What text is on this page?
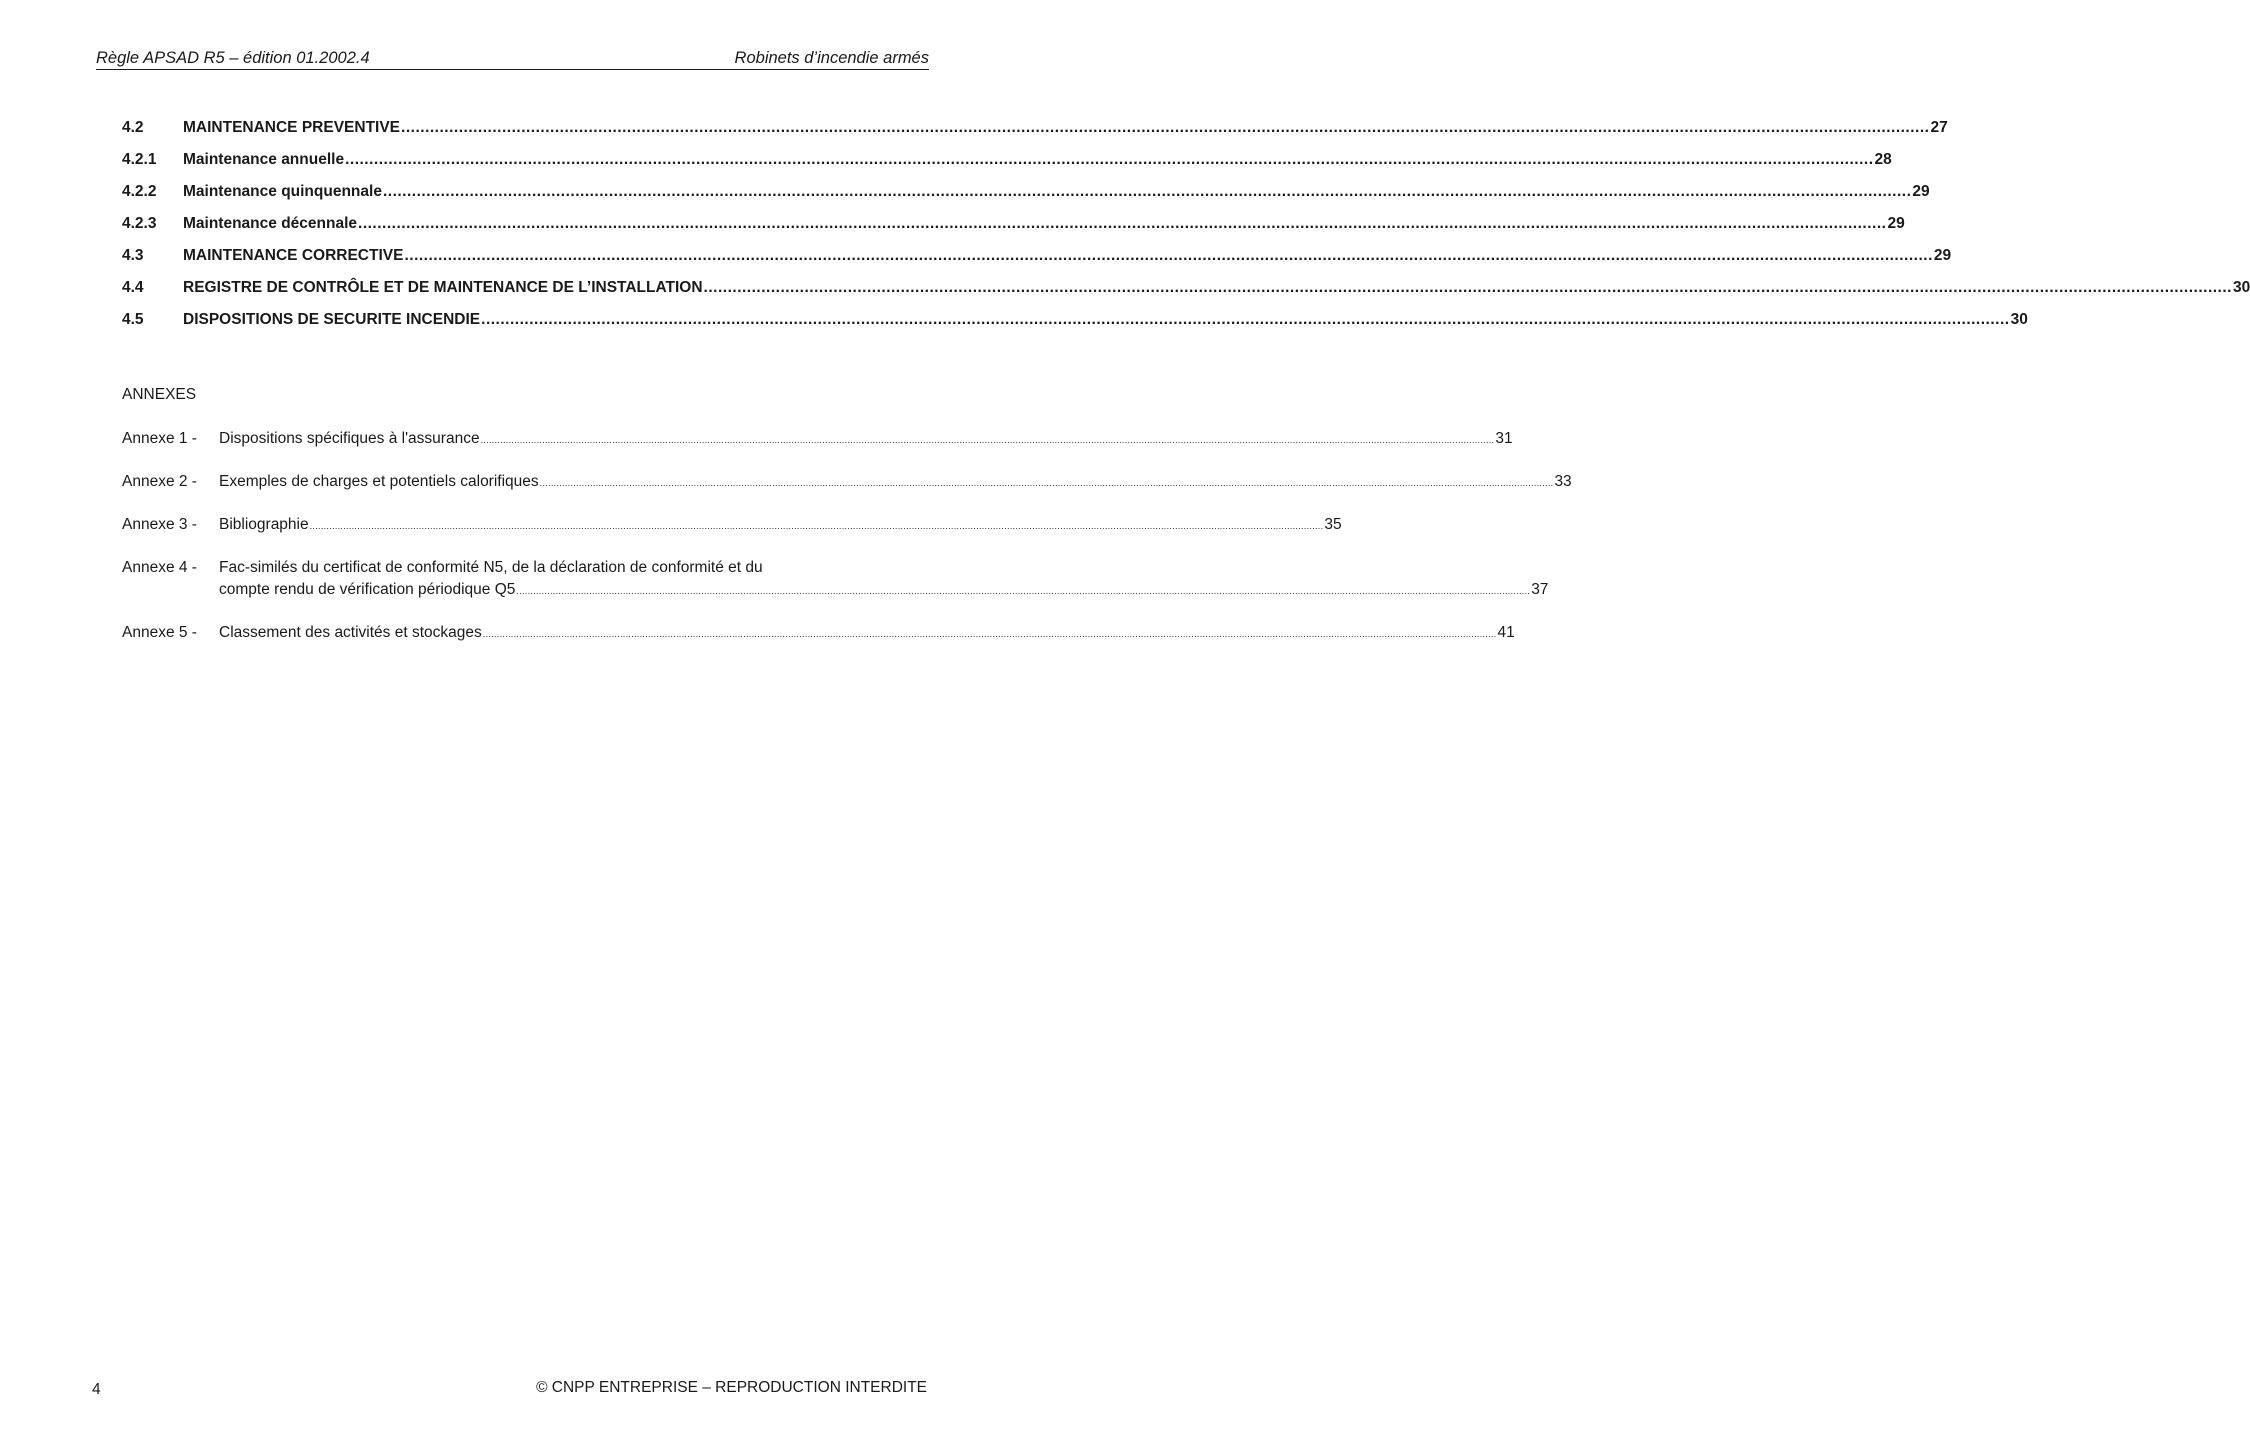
Règle APSAD R5 – édition 01.2002.4	Robinets d’incendie armés
4.2	MAINTENANCE PREVENTIVE .....	27
4.2.1	Maintenance annuelle .....	28
4.2.2	Maintenance quinquennale .....	29
4.2.3	Maintenance décennale .....	29
4.3	MAINTENANCE CORRECTIVE .....	29
4.4	REGISTRE DE CONTRÔLE ET DE MAINTENANCE DE L’INSTALLATION .....	30
4.5	DISPOSITIONS DE SECURITE INCENDIE .....	30
ANNEXES
Annexe 1 -	Dispositions spécifiques à l'assurance .....	31
Annexe 2 -	Exemples de charges et potentiels calorifiques .....	33
Annexe 3 -	Bibliographie .....	35
Annexe 4 -	Fac-similés du certificat de conformité N5, de la déclaration de conformité et du
compte rendu de vérification périodique Q5 .....	37
Annexe 5 -	Classement des activités et stockages .....	41
4	© CNPP ENTREPRISE – REPRODUCTION INTERDITE
